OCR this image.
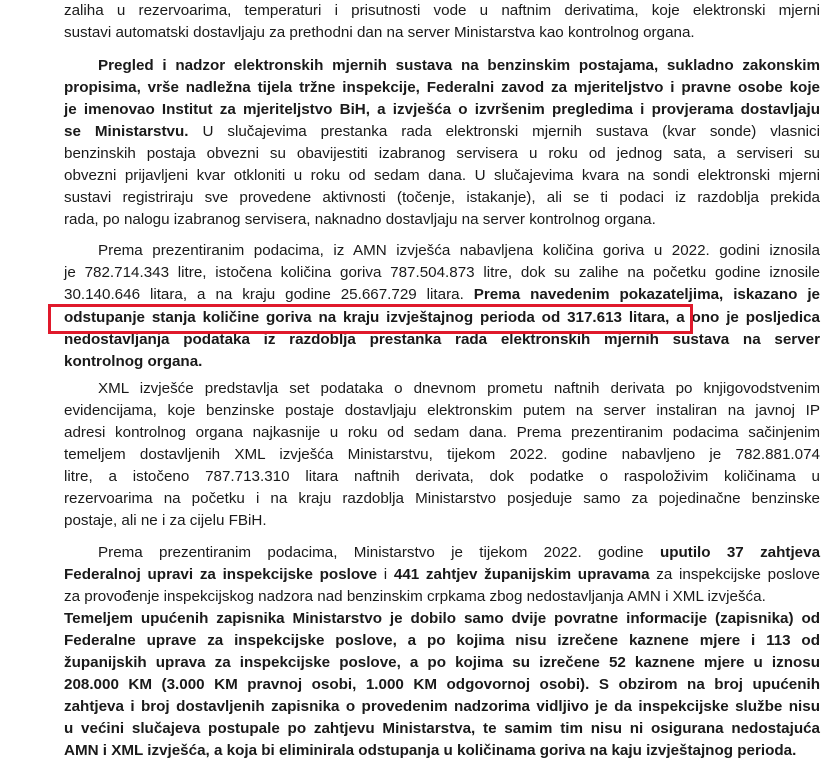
zaliha u rezervoarima, temperaturi i prisutnosti vode u naftnim derivatima, koje elektronski mjerni
sustavi automatski dostavljaju za prethodni dan na server Ministarstva kao kontrolnog organa.
Pregled i nadzor elektronskih mjernih sustava na benzinskim postajama, sukladno zakonskim
propisima, vrše nadležna tijela tržne inspekcije, Federalni zavod za mjeriteljstvo i pravne osobe koje
je imenovao Institut za mjeriteljstvo BiH, a izvješća o izvršenim pregledima i provjerama dostavljaju
se Ministarstvu. U slučajevima prestanka rada elektronski mjernih sustava (kvar sonde) vlasnici
benzinskih postaja obvezni su obavijestiti izabranog servisera u roku od jednog sata, a serviseri su
obvezni prijavljeni kvar otkloniti u roku od sedam dana. U slučajevima kvara na sondi elektronski mjerni
sustavi registriraju sve provedene aktivnosti (točenje, istakanje), ali se ti podaci iz razdoblja prekida
rada, po nalogu izabranog servisera, naknadno dostavljaju na server kontrolnog organa.
Prema prezentiranim podacima, iz AMN izvješća nabavljena količina goriva u 2022. godini iznosila
je 782.714.343 litre, istočena količina goriva 787.504.873 litre, dok su zalihe na početku godine iznosile
30.140.646 litara, a na kraju godine 25.667.729 litara. Prema navedenim pokazateljima, iskazano je
odstupanje stanja količine goriva na kraju izvještajnog perioda od 317.613 litara, a ono je posljedica
nedostavljanja podataka iz razdoblja prestanka rada elektronskih mjernih sustava na server
kontrolnog organa.
XML izvješće predstavlja set podataka o dnevnom prometu naftnih derivata po knjigovodstvenim
evidencijama, koje benzinske postaje dostavljaju elektronskim putem na server instaliran na javnoj IP
adresi kontrolnog organa najkasnije u roku od sedam dana. Prema prezentiranim podacima sačinjenim
temeljem dostavljenih XML izvješća Ministarstvu, tijekom 2022. godine nabavljeno je 782.881.074
litre, a istočeno 787.713.310 litara naftnih derivata, dok podatke o raspoloživim količinama u
rezervoarima na početku i na kraju razdoblja Ministarstvo posjeduje samo za pojedinačne benzinske
postaje, ali ne i za cijelu FBiH.
Prema prezentiranim podacima, Ministarstvo je tijekom 2022. godine uputilo 37 zahtjeva
Federalnoj upravi za inspekcijske poslove i 441 zahtjev županijskim upravama za inspekcijske poslove
za provođenje inspekcijskog nadzora nad benzinskim crpkama zbog nedostavljanja AMN i XML izvješća.
Temeljem upućenih zapisnika Ministarstvo je dobilo samo dvije povratne informacije (zapisnika) od
Federalne uprave za inspekcijske poslove, a po kojima nisu izrečene kaznene mjere i 113 od
županijskih uprava za inspekcijske poslove, a po kojima su izrečene 52 kaznene mjere u iznosu
208.000 KM (3.000 KM pravnoj osobi, 1.000 KM odgovornoj osobi). S obzirom na broj upućenih
zahtjeva i broj dostavljenih zapisnika o provedenim nadzorima vidljivo je da inspekcijske službe nisu
u većini slučajeva postupale po zahtjevu Ministarstva, te samim tim nisu ni osigurana nedostajuća
AMN i XML izvješća, a koja bi eliminirala odstupanja u količinama goriva na kaju izvještajnog perioda.
